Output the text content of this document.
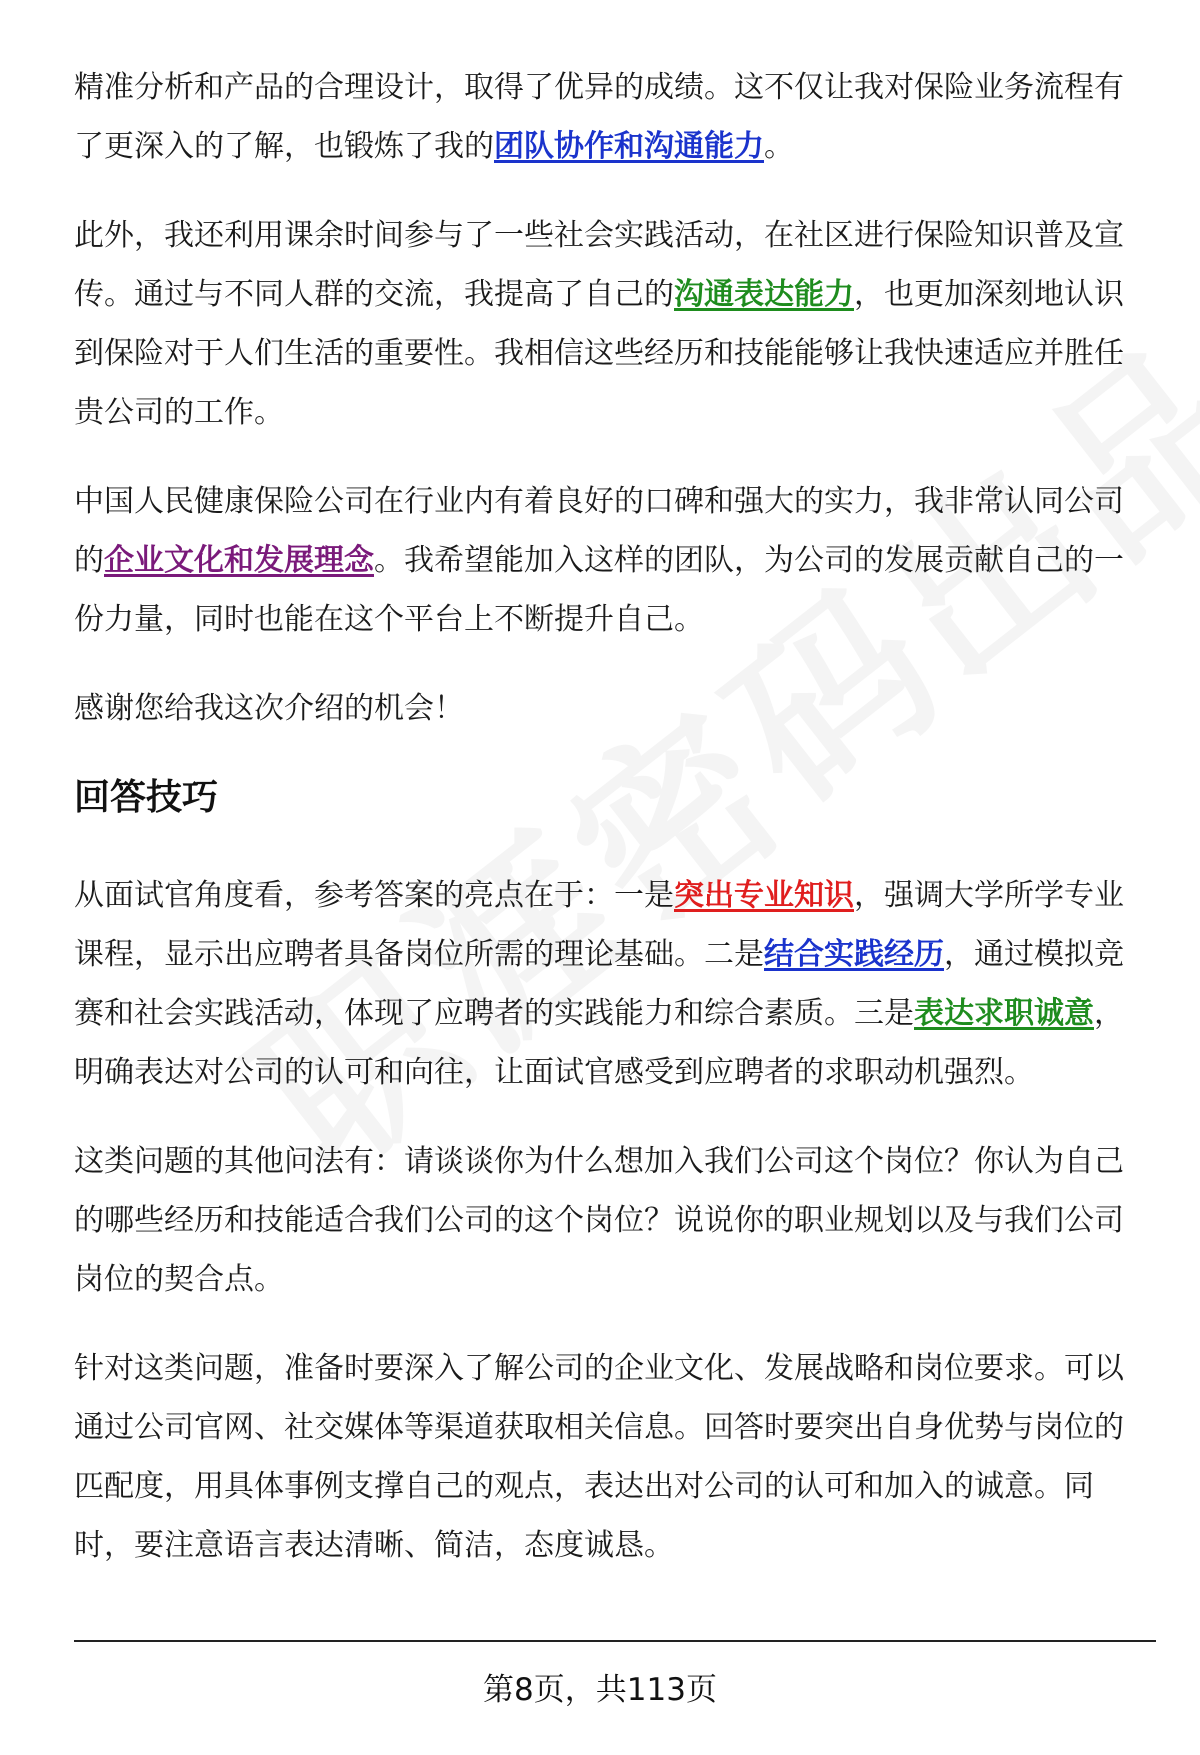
精准分析和产品的合理设计，取得了优异的成绩。这不仅让我对保险业务流程有了更深入的了解，也锻炼了我的团队协作和沟通能力。

此外，我还利用课余时间参与了一些社会实践活动，在社区进行保险知识普及宣传。通过与不同人群的交流，我提高了自己的沟通表达能力，也更加深刻地认识到保险对于人们生活的重要性。我相信这些经历和技能能够让我快速适应并胜任贵公司的工作。

中国人民健康保险公司在行业内有着良好的口碑和强大的实力，我非常认同公司的企业文化和发展理念。我希望能加入这样的团队，为公司的发展贡献自己的一份力量，同时也能在这个平台上不断提升自己。

感谢您给我这次介绍的机会！

回答技巧

从面试官角度看，参考答案的亮点在于：一是突出专业知识，强调大学所学专业课程，显示出应聘者具备岗位所需的理论基础。二是结合实践经历，通过模拟竞赛和社会实践活动，体现了应聘者的实践能力和综合素质。三是表达求职诚意，明确表达对公司的认可和向往，让面试官感受到应聘者的求职动机强烈。

这类问题的其他问法有：请谈谈你为什么想加入我们公司这个岗位？你认为自己的哪些经历和技能适合我们公司的这个岗位？说说你的职业规划以及与我们公司岗位的契合点。

针对这类问题，准备时要深入了解公司的企业文化、发展战略和岗位要求。可以通过公司官网、社交媒体等渠道获取相关信息。回答时要突出自身优势与岗位的匹配度，用具体事例支撑自己的观点，表达出对公司的认可和加入的诚意。同时，要注意语言表达清晰、简洁，态度诚恳。

第8页，共113页
